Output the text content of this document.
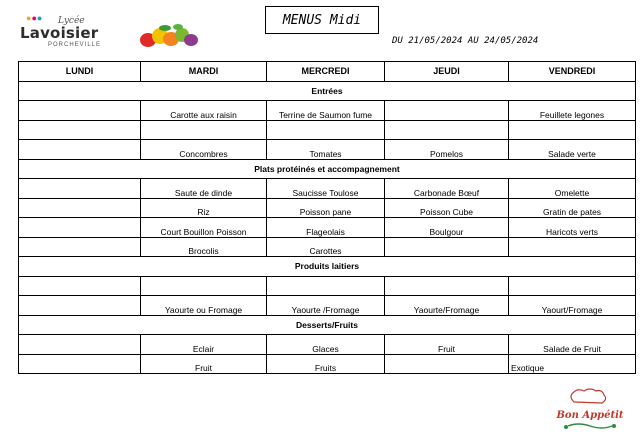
●●● Lycée
Lavoisier
PORCHEVILLE
MENUS Midi
DU 21/05/2024 AU 24/05/2024
LUNDI	MARDI	MERCREDI	JEUDI	VENDREDI
Entrées				
	Carotte aux raisin	Terrine de Saumon fume		Feuillete legones

	Concombres	Tomates	Pomelos	Salade verte
Plats protéinés et accompagnement				
	Saute de dinde	Saucisse Toulose	Carbonade Bœuf	Omelette
	Riz	Poisson pane	Poisson Cube	Gratin de pates
	Court Bouillon Poisson	Flageolais	Boulgour	Haricots verts
	Brocolis	Carottes		
Produits laitiers				

	Yaourte ou Fromage	Yaourte /Fromage	Yaourte/Fromage	Yaourt/Fromage
Desserts/Fruits				
	Eclair	Glaces	Fruit	Salade de Fruit
	Fruit	Fruits		Exotique
Bon Appétit
